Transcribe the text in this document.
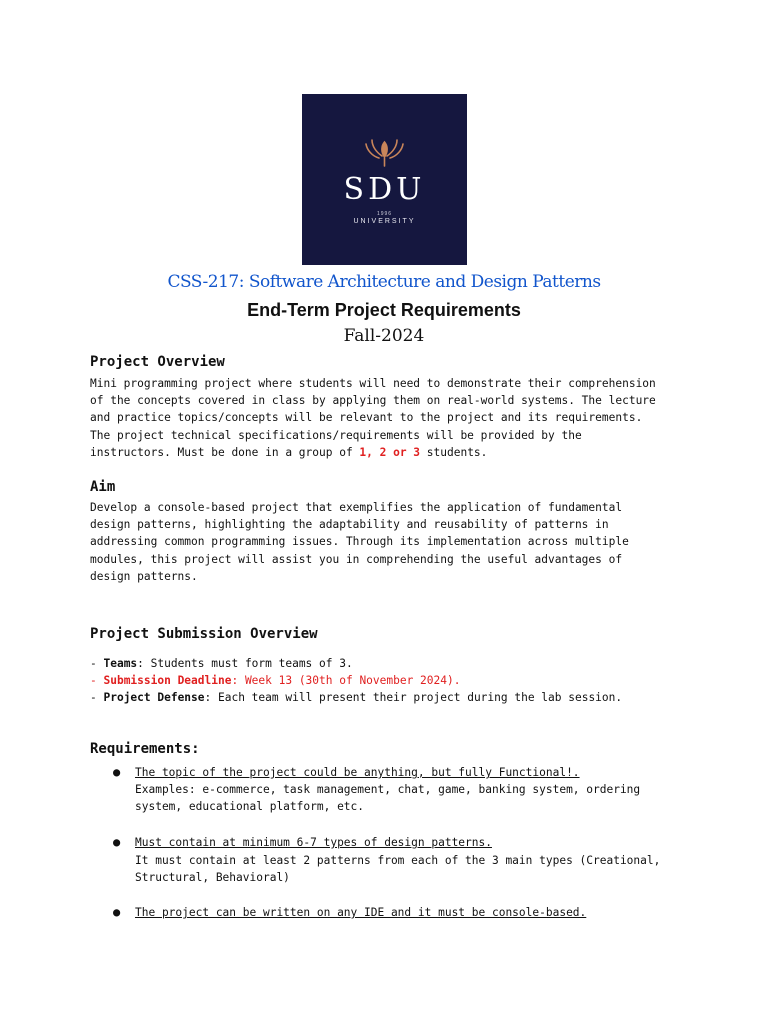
SDU
1996
UNIVERSITY
CSS-217: Software Architecture and Design Patterns
End-Term Project Requirements
Fall-2024
Project Overview
Mini programming project where students will need to demonstrate their comprehension
of the concepts covered in class by applying them on real-world systems. The lecture
and practice topics/concepts will be relevant to the project and its requirements.
The project technical specifications/requirements will be provided by the
instructors. Must be done in a group of 1, 2 or 3 students.
Aim
Develop a console-based project that exemplifies the application of fundamental
design patterns, highlighting the adaptability and reusability of patterns in
addressing common programming issues. Through its implementation across multiple
modules, this project will assist you in comprehending the useful advantages of
design patterns.
Project Submission Overview
- Teams: Students must form teams of 3.
- Submission Deadline: Week 13 (30th of November 2024).
- Project Defense: Each team will present their project during the lab session.
Requirements:
● The topic of the project could be anything, but fully Functional!.
Examples: e-commerce, task management, chat, game, banking system, ordering
system, educational platform, etc.
● Must contain at minimum 6-7 types of design patterns.
It must contain at least 2 patterns from each of the 3 main types (Creational,
Structural, Behavioral)
● The project can be written on any IDE and it must be console-based.
